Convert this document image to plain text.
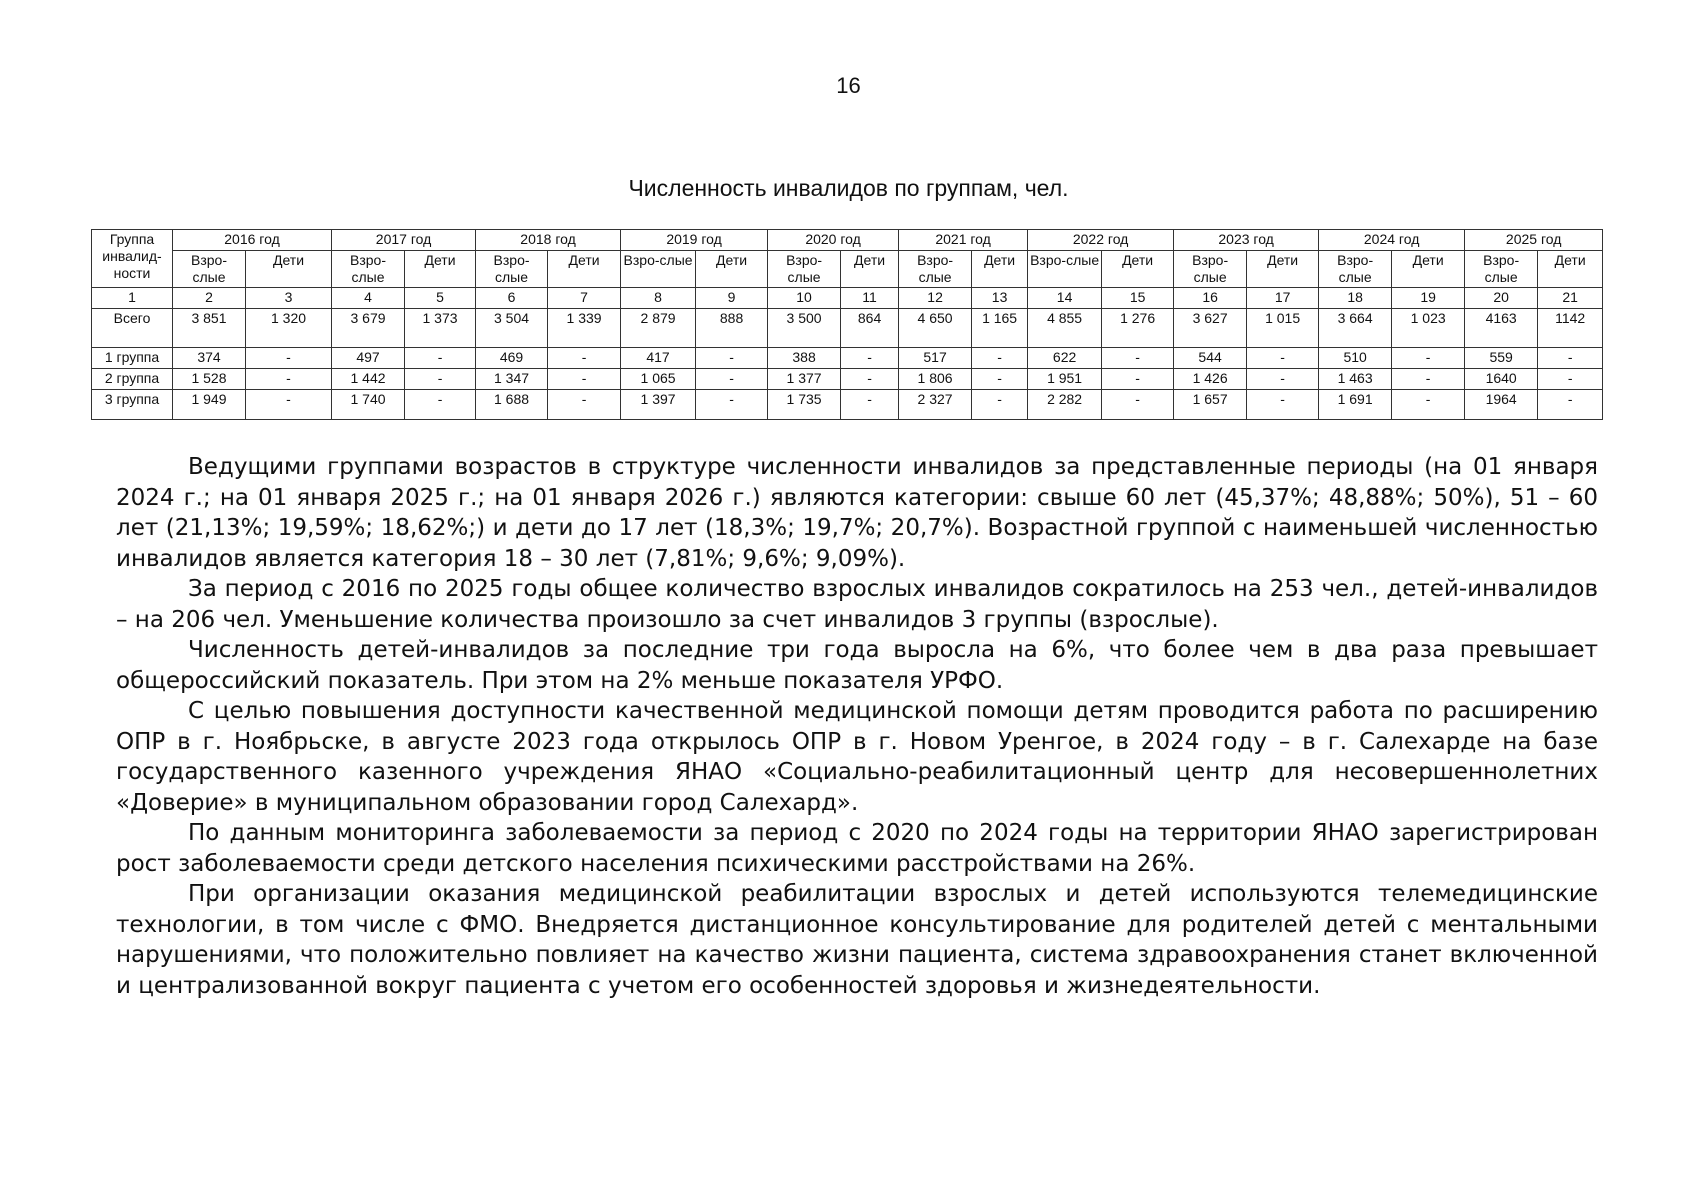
16
Численность инвалидов по группам, чел.
Группа инвалид-ности	2016 год		2017 год		2018 год		2019 год		2020 год		2021 год		2022 год		2023 год		2024 год		2025 год	
	Взро-слые	Дети	Взро-слые	Дети	Взро-слые	Дети	Взро-слые	Дети	Взро-слые	Дети	Взро-слые	Дети	Взро-слые	Дети	Взро-слые	Дети	Взро-слые	Дети	Взро-слые	Дети
1	2	3	4	5	6	7	8	9	10	11	12	13	14	15	16	17	18	19	20	21
Всего	3 851	1 320	3 679	1 373	3 504	1 339	2 879	888	3 500	864	4 650	1 165	4 855	1 276	3 627	1 015	3 664	1 023	4163	1142
1 группа	374	-	497	-	469	-	417	-	388	-	517	-	622	-	544	-	510	-	559	-
2 группа	1 528	-	1 442	-	1 347	-	1 065	-	1 377	-	1 806	-	1 951	-	1 426	-	1 463	-	1640	-
3 группа	1 949	-	1 740	-	1 688	-	1 397	-	1 735	-	2 327	-	2 282	-	1 657	-	1 691	-	1964	-

Ведущими группами возрастов в структуре численности инвалидов за представленные периоды (на 01 января 2024 г.; на 01 января 2025 г.; на 01 января 2026 г.) являются категории: свыше 60 лет (45,37%; 48,88%; 50%), 51 – 60 лет (21,13%; 19,59%; 18,62%;) и дети до 17 лет (18,3%; 19,7%; 20,7%). Возрастной группой с наименьшей численностью инвалидов является категория 18 – 30 лет (7,81%; 9,6%; 9,09%).

За период с 2016 по 2025 годы общее количество взрослых инвалидов сократилось на 253 чел., детей-инвалидов – на 206 чел. Уменьшение количества произошло за счет инвалидов 3 группы (взрослые).

Численность детей-инвалидов за последние три года выросла на 6%, что более чем в два раза превышает общероссийский показатель. При этом на 2% меньше показателя УРФО.

С целью повышения доступности качественной медицинской помощи детям проводится работа по расширению ОПР в г. Ноябрьске, в августе 2023 года открылось ОПР в г. Новом Уренгое, в 2024 году – в г. Салехарде на базе государственного казенного учреждения ЯНАО «Социально-реабилитационный центр для несовершеннолетних «Доверие» в муниципальном образовании город Салехард».

По данным мониторинга заболеваемости за период с 2020 по 2024 годы на территории ЯНАО зарегистрирован рост заболеваемости среди детского населения психическими расстройствами на 26%.

При организации оказания медицинской реабилитации взрослых и детей используются телемедицинские технологии, в том числе с ФМО. Внедряется дистанционное консультирование для родителей детей с ментальными нарушениями, что положительно повлияет на качество жизни пациента, система здравоохранения станет включенной и централизованной вокруг пациента с учетом его особенностей здоровья и жизнедеятельности.
